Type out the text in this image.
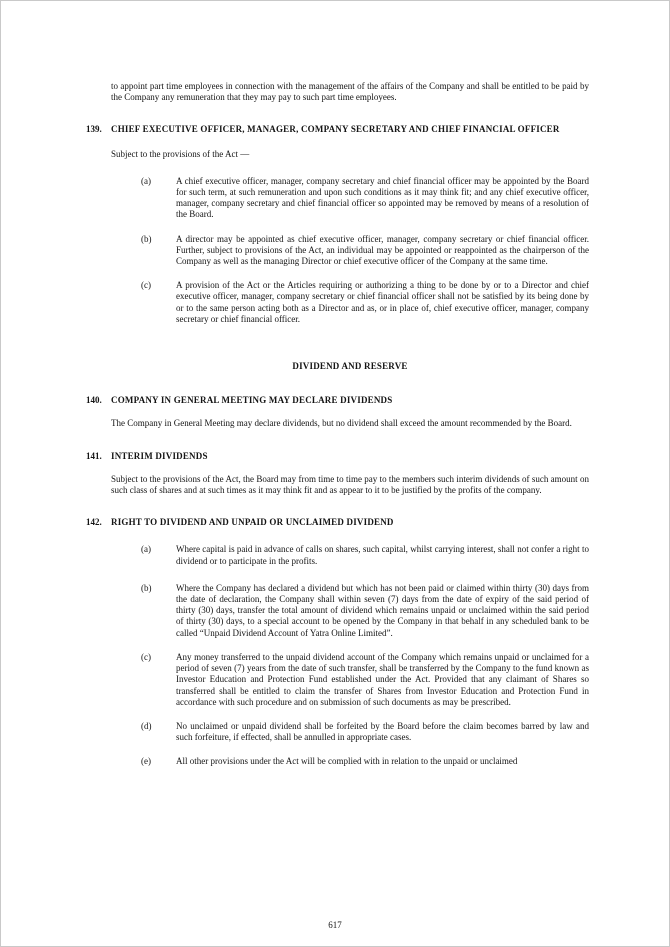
to appoint part time employees in connection with the management of the affairs of the Company and shall be entitled to be paid by the Company any remuneration that they may pay to such part time employees.

139.	CHIEF EXECUTIVE OFFICER, MANAGER, COMPANY SECRETARY AND CHIEF FINANCIAL OFFICER

Subject to the provisions of the Act —

(a)	A chief executive officer, manager, company secretary and chief financial officer may be appointed by the Board for such term, at such remuneration and upon such conditions as it may think fit; and any chief executive officer, manager, company secretary and chief financial officer so appointed may be removed by means of a resolution of the Board.

(b)	A director may be appointed as chief executive officer, manager, company secretary or chief financial officer. Further, subject to provisions of the Act, an individual may be appointed or reappointed as the chairperson of the Company as well as the managing Director or chief executive officer of the Company at the same time.

(c)	A provision of the Act or the Articles requiring or authorizing a thing to be done by or to a Director and chief executive officer, manager, company secretary or chief financial officer shall not be satisfied by its being done by or to the same person acting both as a Director and as, or in place of, chief executive officer, manager, company secretary or chief financial officer.

DIVIDEND AND RESERVE
140.	COMPANY IN GENERAL MEETING MAY DECLARE DIVIDENDS

The Company in General Meeting may declare dividends, but no dividend shall exceed the amount recommended by the Board.

141.	INTERIM DIVIDENDS

Subject to the provisions of the Act, the Board may from time to time pay to the members such interim dividends of such amount on such class of shares and at such times as it may think fit and as appear to it to be justified by the profits of the company.

142.	RIGHT TO DIVIDEND AND UNPAID OR UNCLAIMED DIVIDEND
(a)	Where capital is paid in advance of calls on shares, such capital, whilst carrying interest, shall not confer a right to dividend or to participate in the profits.

(b)	Where the Company has declared a dividend but which has not been paid or claimed within thirty (30) days from the date of declaration, the Company shall within seven (7) days from the date of expiry of the said period of thirty (30) days, transfer the total amount of dividend which remains unpaid or unclaimed within the said period of thirty (30) days, to a special account to be opened by the Company in that behalf in any scheduled bank to be called “Unpaid Dividend Account of Yatra Online Limited”.

(c)	Any money transferred to the unpaid dividend account of the Company which remains unpaid or unclaimed for a period of seven (7) years from the date of such transfer, shall be transferred by the Company to the fund known as Investor Education and Protection Fund established under the Act. Provided that any claimant of Shares so transferred shall be entitled to claim the transfer of Shares from Investor Education and Protection Fund in accordance with such procedure and on submission of such documents as may be prescribed.

(d)	No unclaimed or unpaid dividend shall be forfeited by the Board before the claim becomes barred by law and such forfeiture, if effected, shall be annulled in appropriate cases.

(e)	All other provisions under the Act will be complied with in relation to the unpaid or unclaimed

617
